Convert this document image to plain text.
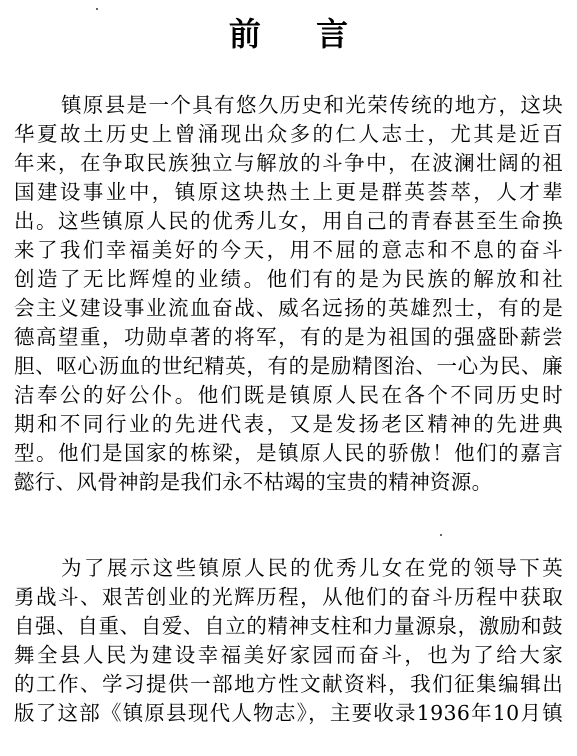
前 言
镇原县是一个具有悠久历史和光荣传统的地方，这块
华夏故土历史上曾涌现出众多的仁人志士，尤其是近百
年来，在争取民族独立与解放的斗争中，在波澜壮阔的祖
国建设事业中，镇原这块热土上更是群英荟萃，人才辈
出。这些镇原人民的优秀儿女，用自己的青春甚至生命换
来了我们幸福美好的今天，用不屈的意志和不息的奋斗
创造了无比辉煌的业绩。他们有的是为民族的解放和社
会主义建设事业流血奋战、威名远扬的英雄烈士，有的是
德高望重，功勋卓著的将军，有的是为祖国的强盛卧薪尝
胆、呕心沥血的世纪精英，有的是励精图治、一心为民、廉
洁奉公的好公仆。他们既是镇原人民在各个不同历史时
期和不同行业的先进代表，又是发扬老区精神的先进典
型。他们是国家的栋梁，是镇原人民的骄傲！他们的嘉言
懿行、风骨神韵是我们永不枯竭的宝贵的精神资源。
为了展示这些镇原人民的优秀儿女在党的领导下英
勇战斗、艰苦创业的光辉历程，从他们的奋斗历程中获取
自强、自重、自爱、自立的精神支柱和力量源泉，激励和鼓
舞全县人民为建设幸福美好家园而奋斗，也为了给大家
的工作、学习提供一部地方性文献资料，我们征集编辑出
版了这部《镇原县现代人物志》，主要收录1936年10月镇
